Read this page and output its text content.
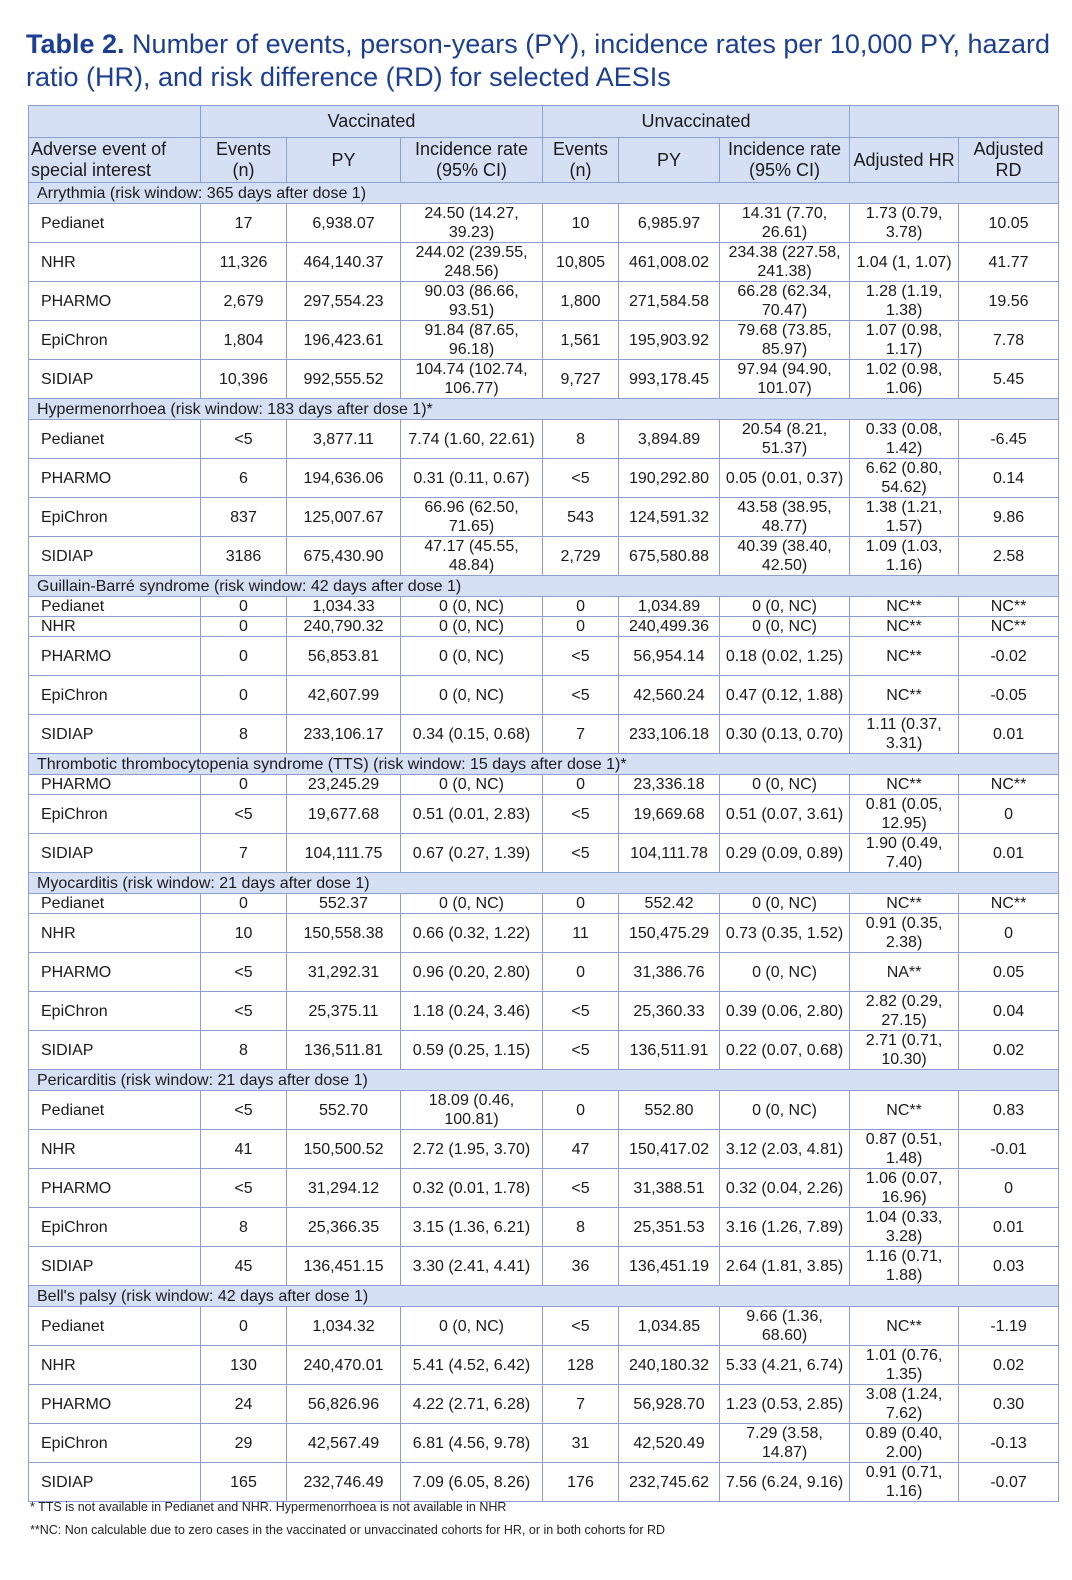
Table 2. Number of events, person-years (PY), incidence rates per 10,000 PY, hazard ratio (HR), and risk difference (RD) for selected AESIs
	Vaccinated			Unvaccinated				
Adverse event of special interest	Events (n)	PY	Incidence rate (95% CI)	Events (n)	PY	Incidence rate (95% CI)	Adjusted HR	Adjusted RD
Arrythmia (risk window: 365 days after dose 1)								
Pedianet	17	6,938.07	24.50 (14.27, 39.23)	10	6,985.97	14.31 (7.70, 26.61)	1.73 (0.79, 3.78)	10.05
NHR	11,326	464,140.37	244.02 (239.55, 248.56)	10,805	461,008.02	234.38 (227.58, 241.38)	1.04 (1, 1.07)	41.77
PHARMO	2,679	297,554.23	90.03 (86.66, 93.51)	1,800	271,584.58	66.28 (62.34, 70.47)	1.28 (1.19, 1.38)	19.56
EpiChron	1,804	196,423.61	91.84 (87.65, 96.18)	1,561	195,903.92	79.68 (73.85, 85.97)	1.07 (0.98, 1.17)	7.78
SIDIAP	10,396	992,555.52	104.74 (102.74, 106.77)	9,727	993,178.45	97.94 (94.90, 101.07)	1.02 (0.98, 1.06)	5.45
Hypermenorrhoea (risk window: 183 days after dose 1)*								
Pedianet	<5	3,877.11	7.74 (1.60, 22.61)	8	3,894.89	20.54 (8.21, 51.37)	0.33 (0.08, 1.42)	-6.45
PHARMO	6	194,636.06	0.31 (0.11, 0.67)	<5	190,292.80	0.05 (0.01, 0.37)	6.62 (0.80, 54.62)	0.14
EpiChron	837	125,007.67	66.96 (62.50, 71.65)	543	124,591.32	43.58 (38.95, 48.77)	1.38 (1.21, 1.57)	9.86
SIDIAP	3186	675,430.90	47.17 (45.55, 48.84)	2,729	675,580.88	40.39 (38.40, 42.50)	1.09 (1.03, 1.16)	2.58
Guillain-Barré syndrome (risk window: 42 days after dose 1)								
Pedianet	0	1,034.33	0 (0, NC)	0	1,034.89	0 (0, NC)	NC**	NC**
NHR	0	240,790.32	0 (0, NC)	0	240,499.36	0 (0, NC)	NC**	NC**
PHARMO	0	56,853.81	0 (0, NC)	<5	56,954.14	0.18 (0.02, 1.25)	NC**	-0.02
EpiChron	0	42,607.99	0 (0, NC)	<5	42,560.24	0.47 (0.12, 1.88)	NC**	-0.05
SIDIAP	8	233,106.17	0.34 (0.15, 0.68)	7	233,106.18	0.30 (0.13, 0.70)	1.11 (0.37, 3.31)	0.01
Thrombotic thrombocytopenia syndrome (TTS) (risk window: 15 days after dose 1)*								
PHARMO	0	23,245.29	0 (0, NC)	0	23,336.18	0 (0, NC)	NC**	NC**
EpiChron	<5	19,677.68	0.51 (0.01, 2.83)	<5	19,669.68	0.51 (0.07, 3.61)	0.81 (0.05, 12.95)	0
SIDIAP	7	104,111.75	0.67 (0.27, 1.39)	<5	104,111.78	0.29 (0.09, 0.89)	1.90 (0.49, 7.40)	0.01
Myocarditis (risk window: 21 days after dose 1)								
Pedianet	0	552.37	0 (0, NC)	0	552.42	0 (0, NC)	NC**	NC**
NHR	10	150,558.38	0.66 (0.32, 1.22)	11	150,475.29	0.73 (0.35, 1.52)	0.91 (0.35, 2.38)	0
PHARMO	<5	31,292.31	0.96 (0.20, 2.80)	0	31,386.76	0 (0, NC)	NA**	0.05
EpiChron	<5	25,375.11	1.18 (0.24, 3.46)	<5	25,360.33	0.39 (0.06, 2.80)	2.82 (0.29, 27.15)	0.04
SIDIAP	8	136,511.81	0.59 (0.25, 1.15)	<5	136,511.91	0.22 (0.07, 0.68)	2.71 (0.71, 10.30)	0.02
Pericarditis (risk window: 21 days after dose 1)								
Pedianet	<5	552.70	18.09 (0.46, 100.81)	0	552.80	0 (0, NC)	NC**	0.83
NHR	41	150,500.52	2.72 (1.95, 3.70)	47	150,417.02	3.12 (2.03, 4.81)	0.87 (0.51, 1.48)	-0.01
PHARMO	<5	31,294.12	0.32 (0.01, 1.78)	<5	31,388.51	0.32 (0.04, 2.26)	1.06 (0.07, 16.96)	0
EpiChron	8	25,366.35	3.15 (1.36, 6.21)	8	25,351.53	3.16 (1.26, 7.89)	1.04 (0.33, 3.28)	0.01
SIDIAP	45	136,451.15	3.30 (2.41, 4.41)	36	136,451.19	2.64 (1.81, 3.85)	1.16 (0.71, 1.88)	0.03
Bell's palsy (risk window: 42 days after dose 1)								
Pedianet	0	1,034.32	0 (0, NC)	<5	1,034.85	9.66 (1.36, 68.60)	NC**	-1.19
NHR	130	240,470.01	5.41 (4.52, 6.42)	128	240,180.32	5.33 (4.21, 6.74)	1.01 (0.76, 1.35)	0.02
PHARMO	24	56,826.96	4.22 (2.71, 6.28)	7	56,928.70	1.23 (0.53, 2.85)	3.08 (1.24, 7.62)	0.30
EpiChron	29	42,567.49	6.81 (4.56, 9.78)	31	42,520.49	7.29 (3.58, 14.87)	0.89 (0.40, 2.00)	-0.13
SIDIAP	165	232,746.49	7.09 (6.05, 8.26)	176	232,745.62	7.56 (6.24, 9.16)	0.91 (0.71, 1.16)	-0.07

* TTS is not available in Pedianet and NHR. Hypermenorrhoea is not available in NHR

**NC: Non calculable due to zero cases in the vaccinated or unvaccinated cohorts for HR, or in both cohorts for RD
